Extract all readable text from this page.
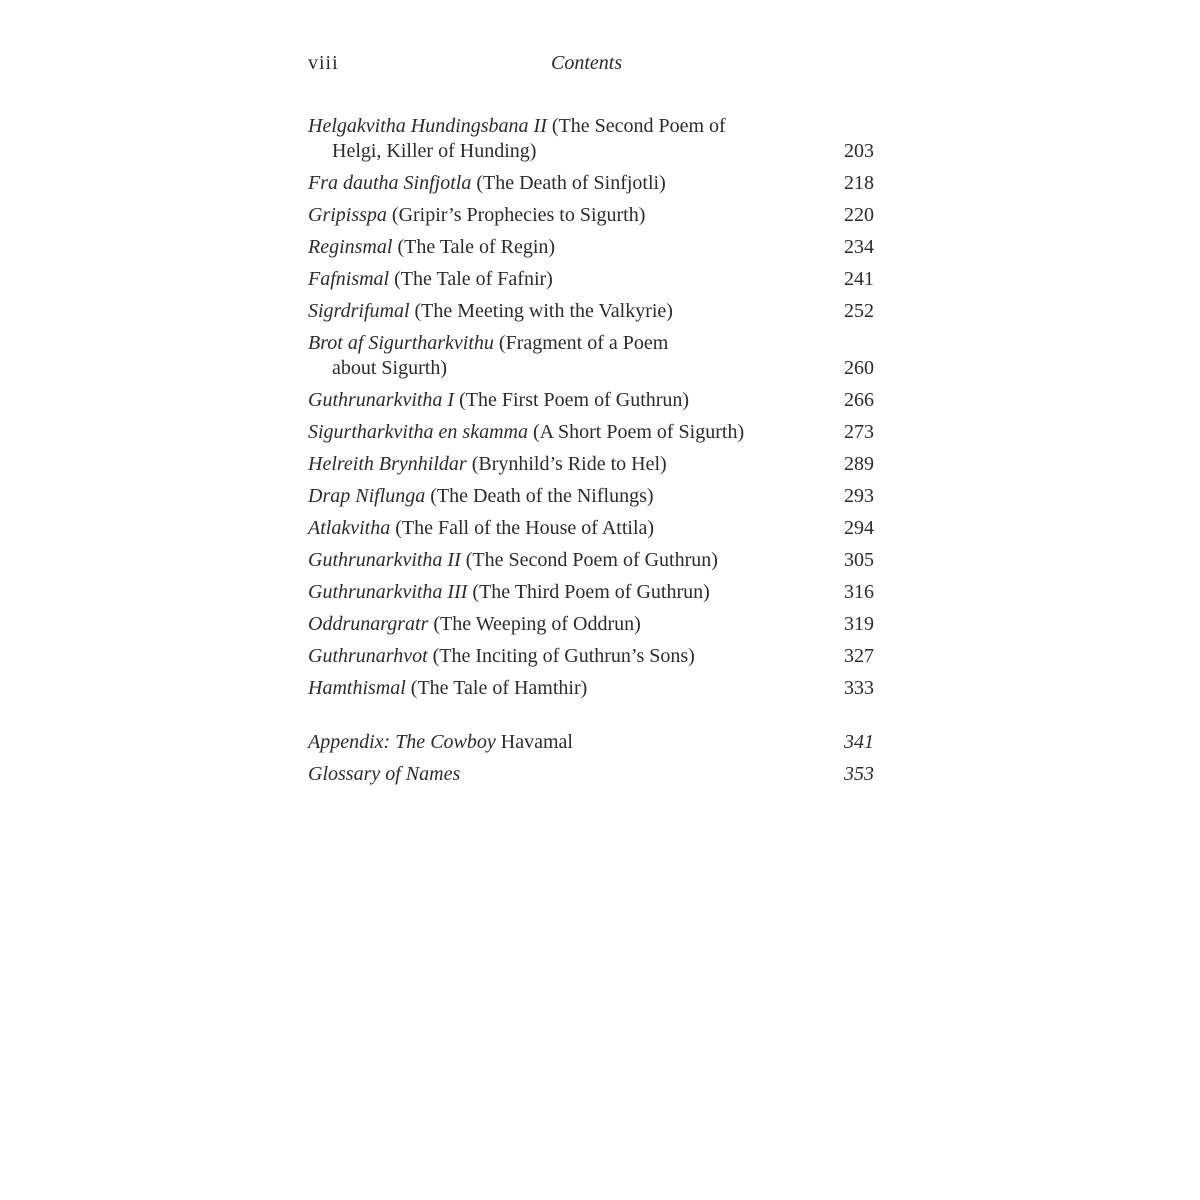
viii	Contents
Helgakvitha Hundingsbana II (The Second Poem of
Helgi, Killer of Hunding)	203
Fra dautha Sinfjotla (The Death of Sinfjotli)	218
Gripisspa (Gripir’s Prophecies to Sigurth)	220
Reginsmal (The Tale of Regin)	234
Fafnismal (The Tale of Fafnir)	241
Sigrdrifumal (The Meeting with the Valkyrie)	252
Brot af Sigurtharkvithu (Fragment of a Poem
about Sigurth)	260
Guthrunarkvitha I (The First Poem of Guthrun)	266
Sigurtharkvitha en skamma (A Short Poem of Sigurth)	273
Helreith Brynhildar (Brynhild’s Ride to Hel)	289
Drap Niflunga (The Death of the Niflungs)	293
Atlakvitha (The Fall of the House of Attila)	294
Guthrunarkvitha II (The Second Poem of Guthrun)	305
Guthrunarkvitha III (The Third Poem of Guthrun)	316
Oddrunargratr (The Weeping of Oddrun)	319
Guthrunarhvot (The Inciting of Guthrun’s Sons)	327
Hamthismal (The Tale of Hamthir)	333
Appendix: The Cowboy Havamal	341
Glossary of Names	353
